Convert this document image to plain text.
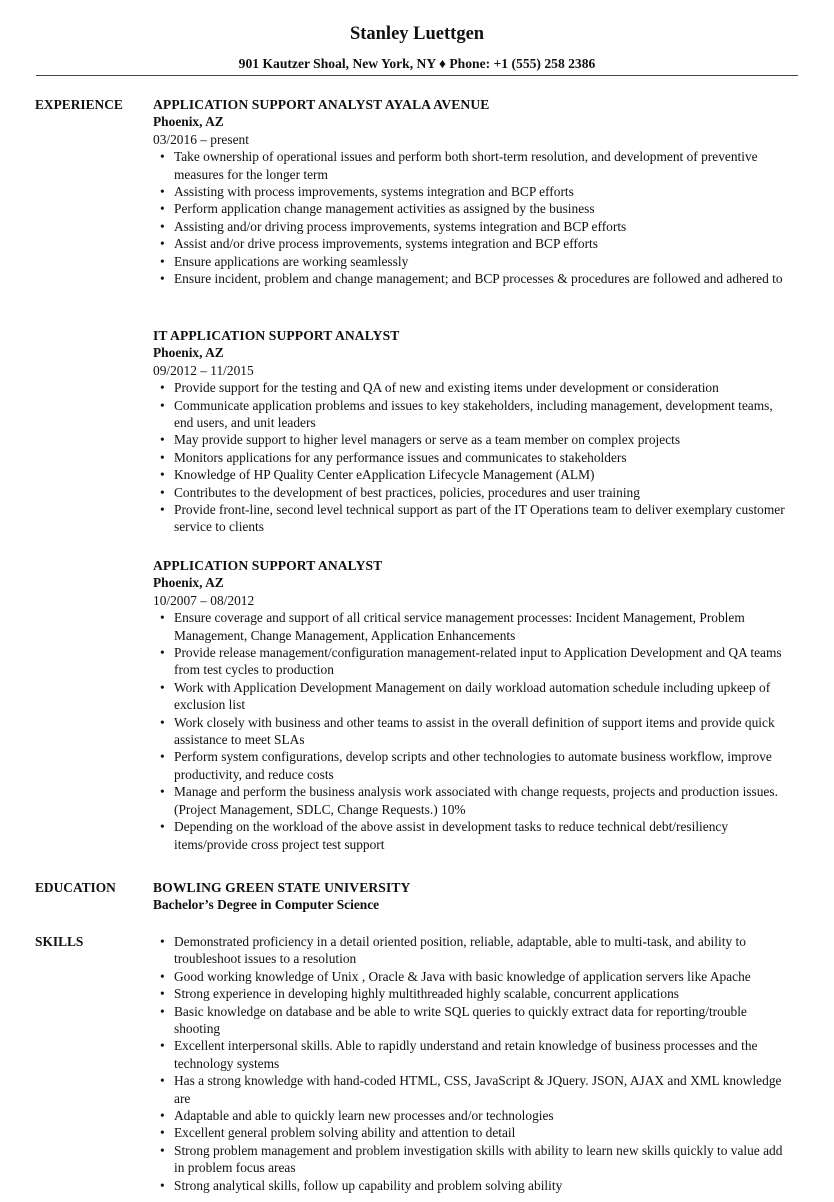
Stanley Luettgen
901 Kautzer Shoal, New York, NY ♦ Phone: +1 (555) 258 2386
EXPERIENCE APPLICATION SUPPORT ANALYST AYALA AVENUE
Phoenix, AZ
03/2016 – present
• Take ownership of operational issues and perform both short-term resolution, and development of preventive measures for the longer term
• Assisting with process improvements, systems integration and BCP efforts
• Perform application change management activities as assigned by the business
• Assisting and/or driving process improvements, systems integration and BCP efforts
• Assist and/or drive process improvements, systems integration and BCP efforts
• Ensure applications are working seamlessly
• Ensure incident, problem and change management; and BCP processes & procedures are followed and adhered to
IT APPLICATION SUPPORT ANALYST
Phoenix, AZ
09/2012 – 11/2015
• Provide support for the testing and QA of new and existing items under development or consideration
• Communicate application problems and issues to key stakeholders, including management, development teams, end users, and unit leaders
• May provide support to higher level managers or serve as a team member on complex projects
• Monitors applications for any performance issues and communicates to stakeholders
• Knowledge of HP Quality Center eApplication Lifecycle Management (ALM)
• Contributes to the development of best practices, policies, procedures and user training
• Provide front-line, second level technical support as part of the IT Operations team to deliver exemplary customer service to clients
APPLICATION SUPPORT ANALYST
Phoenix, AZ
10/2007 – 08/2012
• Ensure coverage and support of all critical service management processes: Incident Management, Problem Management, Change Management, Application Enhancements
• Provide release management/configuration management-related input to Application Development and QA teams from test cycles to production
• Work with Application Development Management on daily workload automation schedule including upkeep of exclusion list
• Work closely with business and other teams to assist in the overall definition of support items and provide quick assistance to meet SLAs
• Perform system configurations, develop scripts and other technologies to automate business workflow, improve productivity, and reduce costs
• Manage and perform the business analysis work associated with change requests, projects and production issues. (Project Management, SDLC, Change Requests.) 10%
• Depending on the workload of the above assist in development tasks to reduce technical debt/resiliency items/provide cross project test support
EDUCATION	BOWLING GREEN STATE UNIVERSITY
Bachelor’s Degree in Computer Science
SKILLS
•	Demonstrated proficiency in a detail oriented position, reliable, adaptable, able to multi-task, and ability to troubleshoot issues to a resolution
• Good working knowledge of Unix , Oracle & Java with basic knowledge of application servers like Apache
• Strong experience in developing highly multithreaded highly scalable, concurrent applications
• Basic knowledge on database and be able to write SQL queries to quickly extract data for reporting/trouble shooting
• Excellent interpersonal skills. Able to rapidly understand and retain knowledge of business processes and the technology systems
• Has a strong knowledge with hand-coded HTML, CSS, JavaScript & JQuery. JSON, AJAX and XML knowledge are
• Adaptable and able to quickly learn new processes and/or technologies
• Excellent general problem solving ability and attention to detail
• Strong problem management and problem investigation skills with ability to learn new skills quickly to value add in problem focus areas
• Strong analytical skills, follow up capability and problem solving ability
